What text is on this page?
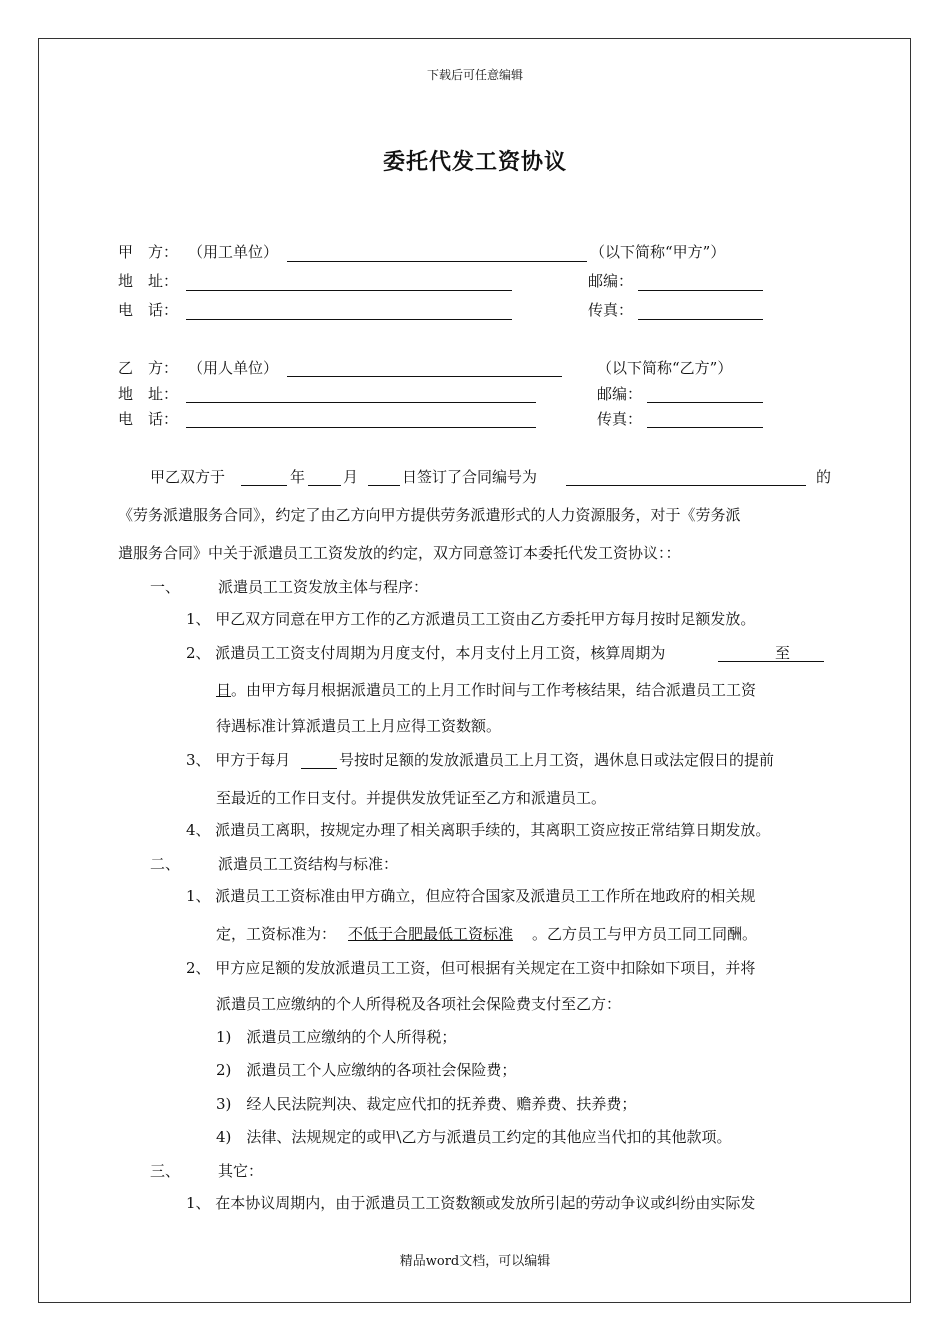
下载后可任意编辑
委托代发工资协议
甲　方： （用工单位）	（以下简称“甲方”）
地　址：	邮编：
电　话：	传真：
乙　方： （用人单位）	（以下简称“乙方”）
地　址：	邮编：
电　话：	传真：
甲乙双方于	年	月	日签订了合同编号为	的
《劳务派遣服务合同》，约定了由乙方向甲方提供劳务派遣形式的人力资源服务，对于《劳务派
遣服务合同》中关于派遣员工工资发放的约定，双方同意签订本委托代发工资协议：：
一、	派遣员工工资发放主体与程序：
1、 甲乙双方同意在甲方工作的乙方派遣员工工资由乙方委托甲方每月按时足额发放。
2、 派遣员工工资支付周期为月度支付，本月支付上月工资，核算周期为	至
日 。由甲方每月根据派遣员工的上月工作时间与工作考核结果，结合派遣员工工资
待遇标准计算派遣员工上月应得工资数额。
3、 甲方于每月	号按时足额的发放派遣员工上月工资，遇休息日或法定假日的提前
至最近的工作日支付。并提供发放凭证至乙方和派遣员工。
4、 派遣员工离职，按规定办理了相关离职手续的，其离职工资应按正常结算日期发放。
二、	派遣员工工资结构与标准：
1、 派遣员工工资标准由甲方确立，但应符合国家及派遣员工工作所在地政府的相关规
定，工资标准为： 不低于合肥最低工资标准 。乙方员工与甲方员工同工同酬。
2、 甲方应足额的发放派遣员工工资，但可根据有关规定在工资中扣除如下项目，并将
派遣员工应缴纳的个人所得税及各项社会保险费支付至乙方：
1)　派遣员工应缴纳的个人所得税；
2)　派遣员工个人应缴纳的各项社会保险费；
3)　经人民法院判决、裁定应代扣的抚养费、赡养费、扶养费；
4)　法律、法规规定的或甲\乙方与派遣员工约定的其他应当代扣的其他款项。
三、	其它：
1、 在本协议周期内，由于派遣员工工资数额或发放所引起的劳动争议或纠纷由实际发
精品word文档，可以编辑
